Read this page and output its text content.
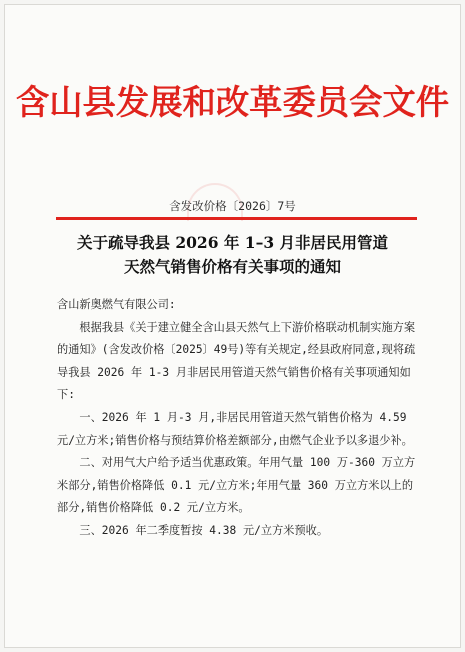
含山县发展和改革委员会文件
含发改价格〔2026〕7号
关于疏导我县 2026 年 1–3 月非居民用管道
天然气销售价格有关事项的通知

含山新奥燃气有限公司:

根据我县《关于建立健全含山县天然气上下游价格联动机制实施方案的通知》(含发改价格〔2025〕49号)等有关规定,经县政府同意,现将疏导我县 2026 年 1-3 月非居民用管道天然气销售价格有关事项通知如下:

一、2026 年 1 月-3 月,非居民用管道天然气销售价格为 4.59 元/立方米;销售价格与预结算价格差额部分,由燃气企业予以多退少补。

二、对用气大户给予适当优惠政策。年用气量 100 万-360 万立方米部分,销售价格降低 0.1 元/立方米;年用气量 360 万立方米以上的部分,销售价格降低 0.2 元/立方米。

三、2026 年二季度暂按 4.38 元/立方米预收。
